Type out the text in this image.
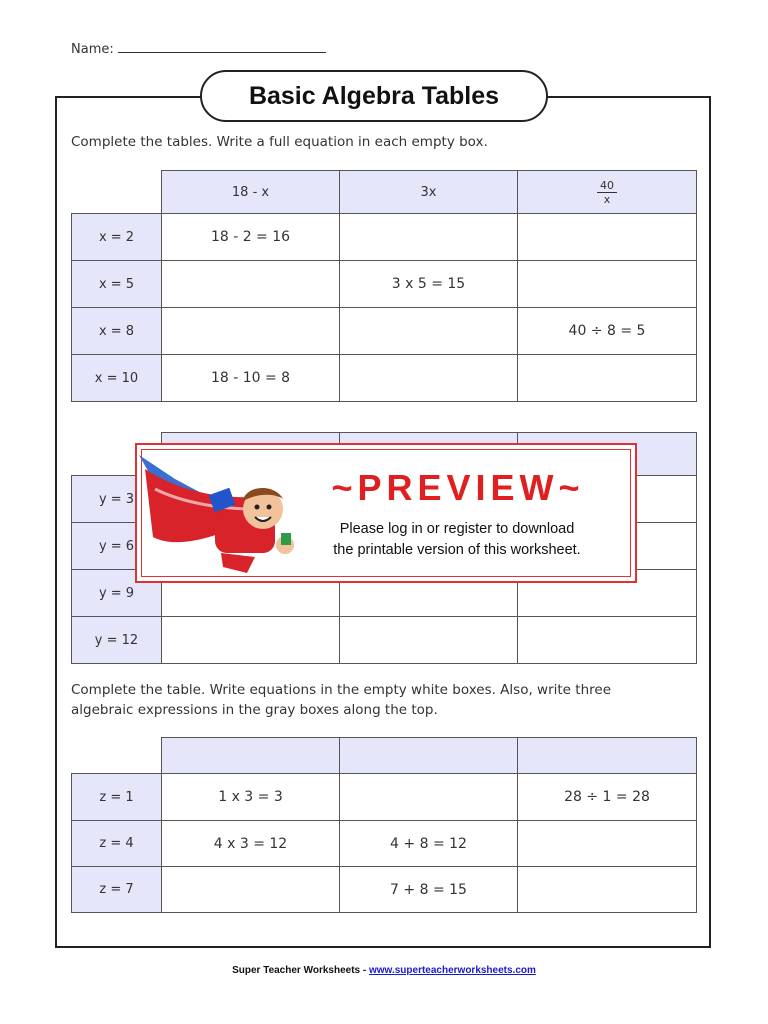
Name:
Basic Algebra Tables
Complete the tables. Write a full equation in each empty box.
	18 - x	3x	$\frac{40}{x}$

x = 2	18 - 2 = 16		
x = 5		3 x 5 = 15	
x = 8			40 ÷ 8 = 5
x = 10	18 - 10 = 8		

y = 3			
y = 6			
y = 9			
y = 12			
Complete the table. Write equations in the empty white boxes. Also, write three
algebraic expressions in the gray boxes along the top.

z = 1	1 x 3 = 3		28 ÷ 1 = 28
z = 4	4 x 3 = 12	4 + 8 = 12	
z = 7		7 + 8 = 15	
~PREVIEW~
Please log in or register to download
the printable version of this worksheet.
Super Teacher Worksheets - www.superteacherworksheets.com
